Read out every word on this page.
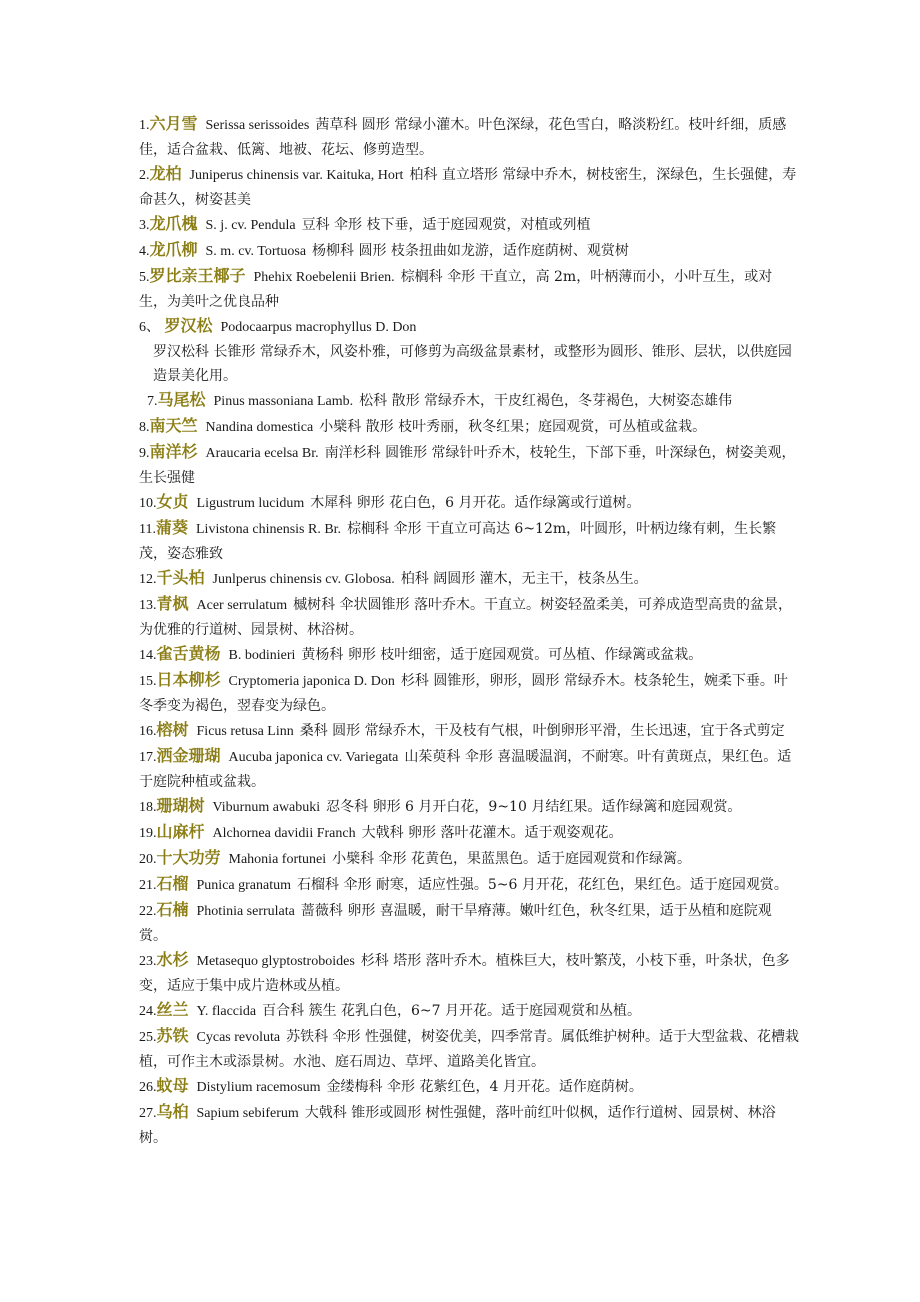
1.六月雪 Serissa serissoides 茜草科 圆形 常绿小灌木。叶色深绿，花色雪白，略淡粉红。枝叶纤细，质感佳，适合盆栽、低篱、地被、花坛、修剪造型。

2.龙柏 Juniperus chinensis var. Kaituka, Hort 柏科 直立塔形 常绿中乔木，树枝密生，深绿色，生长强健，寿命甚久，树姿甚美

3.龙爪槐 S. j. cv. Pendula 豆科 伞形 枝下垂，适于庭园观赏，对植或列植

4.龙爪柳 S. m. cv. Tortuosa 杨柳科 圆形 枝条扭曲如龙游，适作庭荫树、观赏树

5.罗比亲王椰子 Phehix Roebelenii Brien. 棕榈科 伞形 干直立，高 2m，叶柄薄而小，小叶互生，或对生，为美叶之优良品种

6、 罗汉松 Podocaarpus macrophyllus D. Don
罗汉松科 长锥形 常绿乔木，风姿朴雅，可修剪为高级盆景素材，或整形为圆形、锥形、层状，以供庭园造景美化用。

7.马尾松 Pinus massoniana Lamb. 松科 散形 常绿乔木，干皮红褐色，冬芽褐色，大树姿态雄伟

8.南天竺 Nandina domestica 小檗科 散形 枝叶秀丽，秋冬红果；庭园观赏，可丛植或盆栽。

9.南洋杉 Araucaria ecelsa Br. 南洋杉科 圆锥形 常绿针叶乔木，枝轮生，下部下垂，叶深绿色，树姿美观，生长强健

10.女贞 Ligustrum lucidum 木犀科 卵形 花白色，6 月开花。适作绿篱或行道树。

11.蒲葵 Livistona chinensis R. Br. 棕榈科 伞形 干直立可高达 6~12m，叶圆形，叶柄边缘有刺，生长繁茂，姿态雅致

12.千头柏 Junlperus chinensis cv. Globosa. 柏科 阔圆形 灌木，无主干，枝条丛生。

13.青枫 Acer serrulatum 槭树科 伞状圆锥形 落叶乔木。干直立。树姿轻盈柔美，可养成造型高贵的盆景，为优雅的行道树、园景树、林浴树。

14.雀舌黄杨 B. bodinieri 黄杨科 卵形 枝叶细密，适于庭园观赏。可丛植、作绿篱或盆栽。

15.日本柳杉 Cryptomeria japonica D. Don 杉科 圆锥形，卵形，圆形 常绿乔木。枝条轮生，婉柔下垂。叶冬季变为褐色，翌春变为绿色。

16.榕树 Ficus retusa Linn 桑科 圆形 常绿乔木，干及枝有气根，叶倒卵形平滑，生长迅速，宜于各式剪定

17.洒金珊瑚 Aucuba japonica cv. Variegata 山茱萸科 伞形 喜温暖温润，不耐寒。叶有黄斑点，果红色。适于庭院种植或盆栽。

18.珊瑚树 Viburnum awabuki 忍冬科 卵形 6 月开白花，9~10 月结红果。适作绿篱和庭园观赏。

19.山麻杆 Alchornea davidii Franch 大戟科 卵形 落叶花灌木。适于观姿观花。

20.十大功劳 Mahonia fortunei 小檗科 伞形 花黄色，果蓝黑色。适于庭园观赏和作绿篱。

21.石榴 Punica granatum 石榴科 伞形 耐寒，适应性强。5~6 月开花，花红色，果红色。适于庭园观赏。

22.石楠 Photinia serrulata 蔷薇科 卵形 喜温暖，耐干旱瘠薄。嫩叶红色，秋冬红果，适于丛植和庭院观赏。

23.水杉 Metasequo glyptostroboides 杉科 塔形 落叶乔木。植株巨大，枝叶繁茂，小枝下垂，叶条状，色多变，适应于集中成片造林或丛植。

24.丝兰 Y. flaccida 百合科 簇生 花乳白色，6~7 月开花。适于庭园观赏和丛植。

25.苏铁 Cycas revoluta 苏铁科 伞形 性强健，树姿优美，四季常青。属低维护树种。适于大型盆栽、花槽栽植，可作主木或添景树。水池、庭石周边、草坪、道路美化皆宜。

26.蚊母 Distylium racemosum 金缕梅科 伞形 花紫红色，4 月开花。适作庭荫树。

27.乌桕 Sapium sebiferum 大戟科 锥形或圆形 树性强健，落叶前红叶似枫，适作行道树、园景树、林浴树。
